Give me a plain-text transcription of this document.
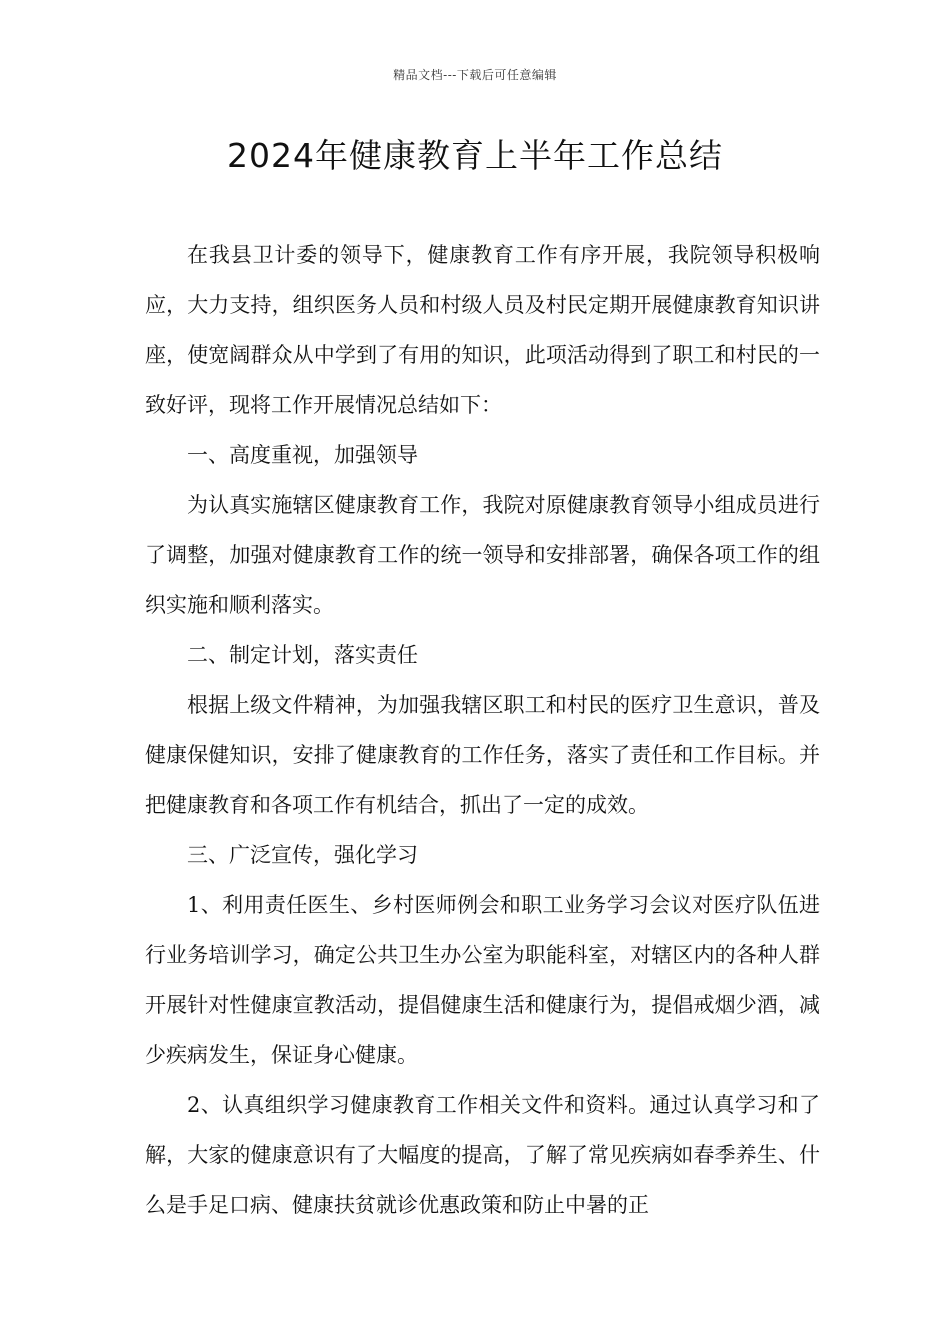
精品文档---下载后可任意编辑
2024年健康教育上半年工作总结

在我县卫计委的领导下，健康教育工作有序开展，我院领导积极响应，大力支持，组织医务人员和村级人员及村民定期开展健康教育知识讲座，使宽阔群众从中学到了有用的知识，此项活动得到了职工和村民的一致好评，现将工作开展情况总结如下：

一、高度重视，加强领导

为认真实施辖区健康教育工作，我院对原健康教育领导小组成员进行了调整，加强对健康教育工作的统一领导和安排部署，确保各项工作的组织实施和顺利落实。

二、制定计划，落实责任

根据上级文件精神，为加强我辖区职工和村民的医疗卫生意识，普及健康保健知识，安排了健康教育的工作任务，落实了责任和工作目标。并把健康教育和各项工作有机结合，抓出了一定的成效。

三、广泛宣传，强化学习

1、利用责任医生、乡村医师例会和职工业务学习会议对医疗队伍进行业务培训学习，确定公共卫生办公室为职能科室，对辖区内的各种人群开展针对性健康宣教活动，提倡健康生活和健康行为，提倡戒烟少酒，减少疾病发生，保证身心健康。

2、认真组织学习健康教育工作相关文件和资料。通过认真学习和了解，大家的健康意识有了大幅度的提高，了解了常见疾病如春季养生、什么是手足口病、健康扶贫就诊优惠政策和防止中暑的正
